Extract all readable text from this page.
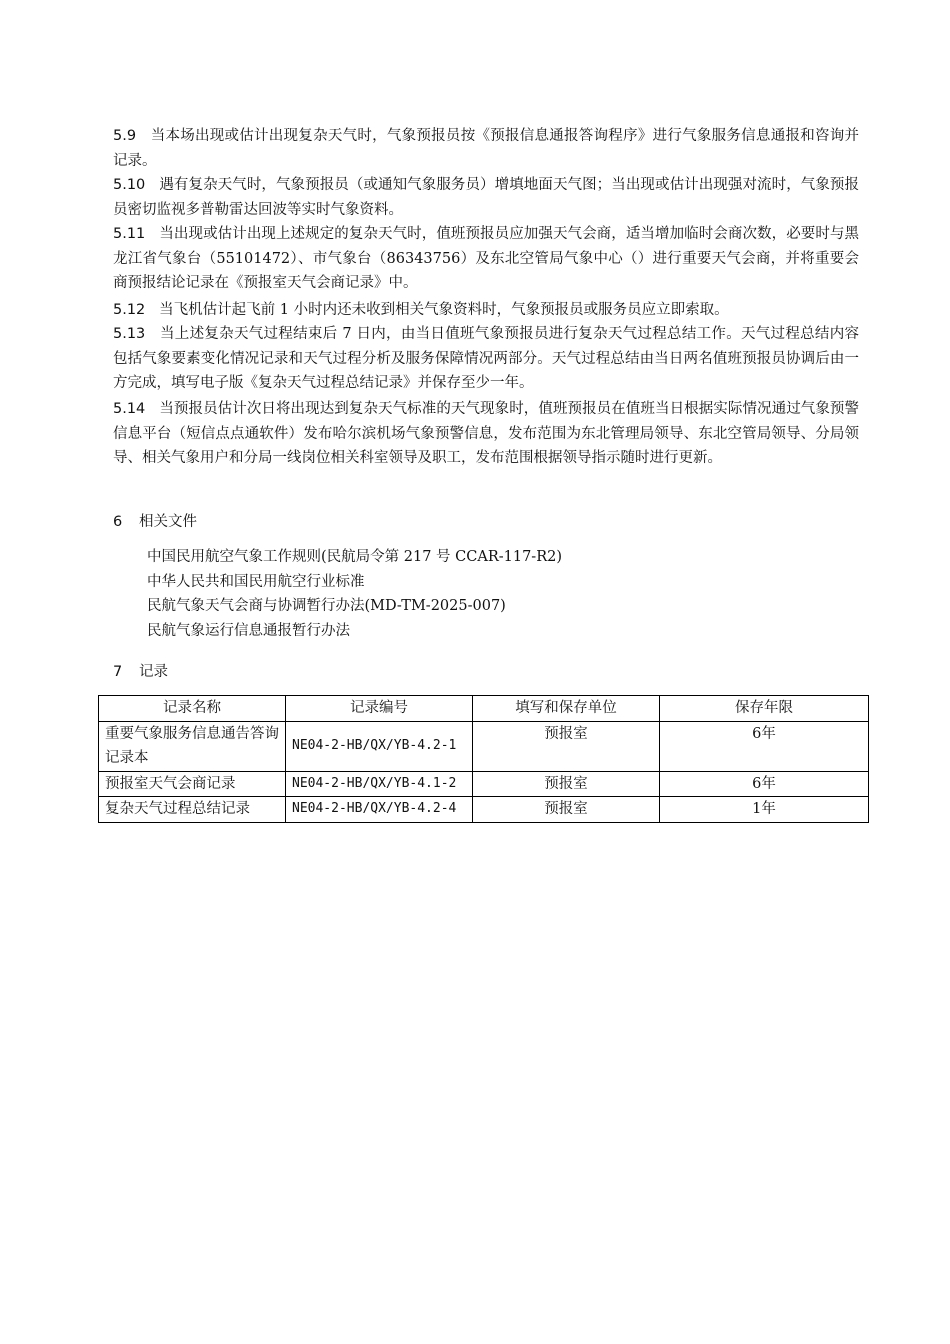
5.9 当本场出现或估计出现复杂天气时，气象预报员按《预报信息通报答询程序》进行气象服务信息通报和咨询并记录。
5.10 遇有复杂天气时，气象预报员（或通知气象服务员）增填地面天气图；当出现或估计出现强对流时，气象预报员密切监视多普勒雷达回波等实时气象资料。
5.11 当出现或估计出现上述规定的复杂天气时，值班预报员应加强天气会商，适当增加临时会商次数，必要时与黑龙江省气象台（55101472）、市气象台（86343756）及东北空管局气象中心（）进行重要天气会商，并将重要会商预报结论记录在《预报室天气会商记录》中。
5.12 当飞机估计起飞前 1 小时内还未收到相关气象资料时，气象预报员或服务员应立即索取。
5.13 当上述复杂天气过程结束后 7 日内，由当日值班气象预报员进行复杂天气过程总结工作。天气过程总结内容包括气象要素变化情况记录和天气过程分析及服务保障情况两部分。天气过程总结由当日两名值班预报员协调后由一方完成，填写电子版《复杂天气过程总结记录》并保存至少一年。
5.14 当预报员估计次日将出现达到复杂天气标准的天气现象时，值班预报员在值班当日根据实际情况通过气象预警信息平台（短信点点通软件）发布哈尔滨机场气象预警信息，发布范围为东北管理局领导、东北空管局领导、分局领导、相关气象用户和分局一线岗位相关科室领导及职工，发布范围根据领导指示随时进行更新。
6 相关文件
中国民用航空气象工作规则(民航局令第 217 号 CCAR-117-R2)
中华人民共和国民用航空行业标准
民航气象天气会商与协调暂行办法(MD-TM-2025-007)
民航气象运行信息通报暂行办法
7 记录
记录名称	记录编号	填写和保存单位	保存年限
重要气象服务信息通告答询记录本	NE04-2-HB/QX/YB-4.2-1	预报室	6年
预报室天气会商记录	NE04-2-HB/QX/YB-4.1-2	预报室	6年
复杂天气过程总结记录	NE04-2-HB/QX/YB-4.2-4	预报室	1年
